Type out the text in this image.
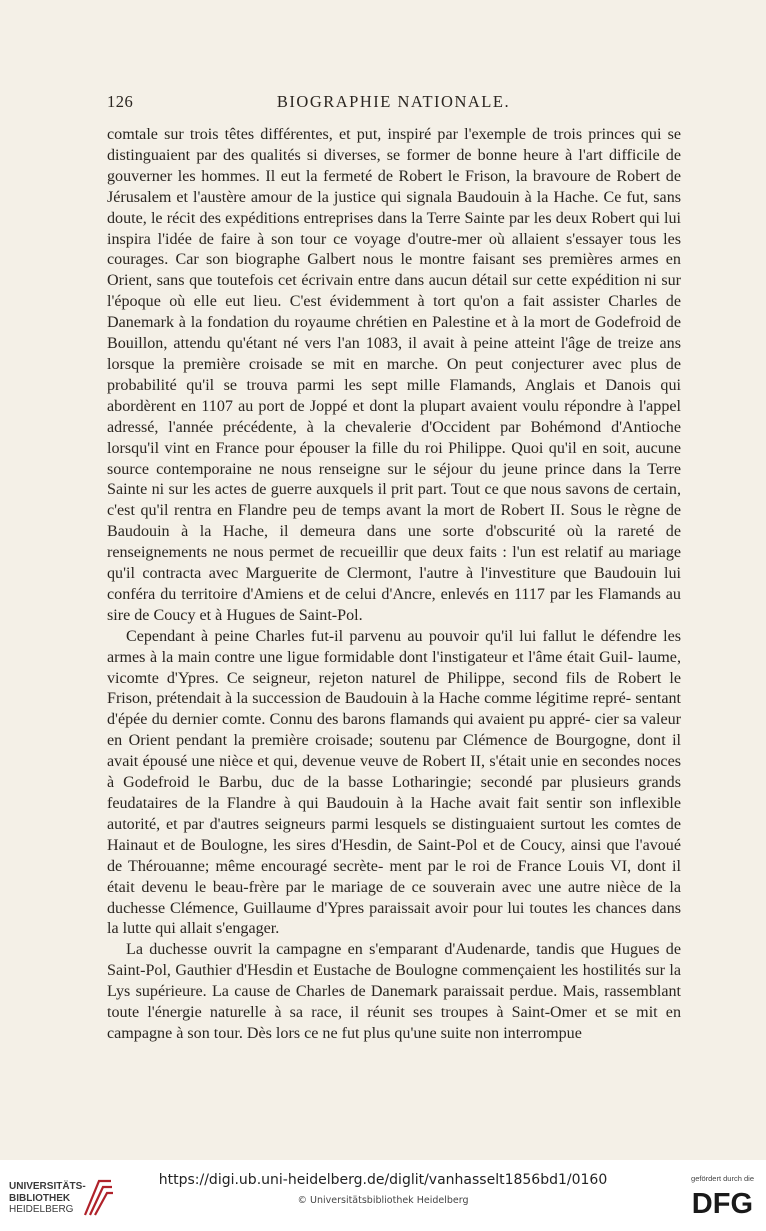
126	BIOGRAPHIE NATIONALE.

comtale sur trois têtes différentes, et put, inspiré par l'exemple de trois princes qui se distinguaient par des qualités si diverses, se former de bonne heure à l'art difficile de gouverner les hommes. Il eut la fermeté de Robert le Frison, la bravoure de Robert de Jérusalem et l'austère amour de la justice qui signala Baudouin à la Hache. Ce fut, sans doute, le récit des expéditions entreprises dans la Terre Sainte par les deux Robert qui lui inspira l'idée de faire à son tour ce voyage d'outre-mer où allaient s'essayer tous les courages. Car son biographe Galbert nous le montre faisant ses premières armes en Orient, sans que toutefois cet écrivain entre dans aucun détail sur cette expédition ni sur l'époque où elle eut lieu. C'est évidemment à tort qu'on a fait assister Charles de Danemark à la fondation du royaume chrétien en Palestine et à la mort de Godefroid de Bouillon, attendu qu'étant né vers l'an 1083, il avait à peine atteint l'âge de treize ans lorsque la première croisade se mit en marche. On peut conjecturer avec plus de probabilité qu'il se trouva parmi les sept mille Flamands, Anglais et Danois qui abordèrent en 1107 au port de Joppé et dont la plupart avaient voulu répondre à l'appel adressé, l'année précédente, à la chevalerie d'Occident par Bohémond d'Antioche lorsqu'il vint en France pour épouser la fille du roi Philippe. Quoi qu'il en soit, aucune source contemporaine ne nous renseigne sur le séjour du jeune prince dans la Terre Sainte ni sur les actes de guerre auxquels il prit part. Tout ce que nous savons de certain, c'est qu'il rentra en Flandre peu de temps avant la mort de Robert II. Sous le règne de Baudouin à la Hache, il demeura dans une sorte d'obscurité où la rareté de renseignements ne nous permet de recueillir que deux faits : l'un est relatif au mariage qu'il contracta avec Marguerite de Clermont, l'autre à l'investiture que Baudouin lui conféra du territoire d'Amiens et de celui d'Ancre, enlevés en 1117 par les Flamands au sire de Coucy et à Hugues de Saint-Pol.

Cependant à peine Charles fut-il parvenu au pouvoir qu'il lui fallut le défendre les armes à la main contre une ligue formidable dont l'instigateur et l'âme était Guil- laume, vicomte d'Ypres. Ce seigneur, rejeton naturel de Philippe, second fils de Robert le Frison, prétendait à la succession de Baudouin à la Hache comme légitime repré- sentant d'épée du dernier comte. Connu des barons flamands qui avaient pu appré- cier sa valeur en Orient pendant la première croisade; soutenu par Clémence de Bourgogne, dont il avait épousé une nièce et qui, devenue veuve de Robert II, s'était unie en secondes noces à Godefroid le Barbu, duc de la basse Lotharingie; secondé par plusieurs grands feudataires de la Flandre à qui Baudouin à la Hache avait fait sentir son inflexible autorité, et par d'autres seigneurs parmi lesquels se distinguaient surtout les comtes de Hainaut et de Boulogne, les sires d'Hesdin, de Saint-Pol et de Coucy, ainsi que l'avoué de Thérouanne; même encouragé secrète- ment par le roi de France Louis VI, dont il était devenu le beau-frère par le mariage de ce souverain avec une autre nièce de la duchesse Clémence, Guillaume d'Ypres paraissait avoir pour lui toutes les chances dans la lutte qui allait s'engager.

La duchesse ouvrit la campagne en s'emparant d'Audenarde, tandis que Hugues de Saint-Pol, Gauthier d'Hesdin et Eustache de Boulogne commençaient les hostilités sur la Lys supérieure. La cause de Charles de Danemark paraissait perdue. Mais, rassemblant toute l'énergie naturelle à sa race, il réunit ses troupes à Saint-Omer et se mit en campagne à son tour. Dès lors ce ne fut plus qu'une suite non interrompue

UNIVERSITÄTS-
BIBLIOTHEK
HEIDELBERG
https://digi.ub.uni-heidelberg.de/diglit/vanhasselt1856bd1/0160
© Universitätsbibliothek Heidelberg
gefördert durch die
DFG
